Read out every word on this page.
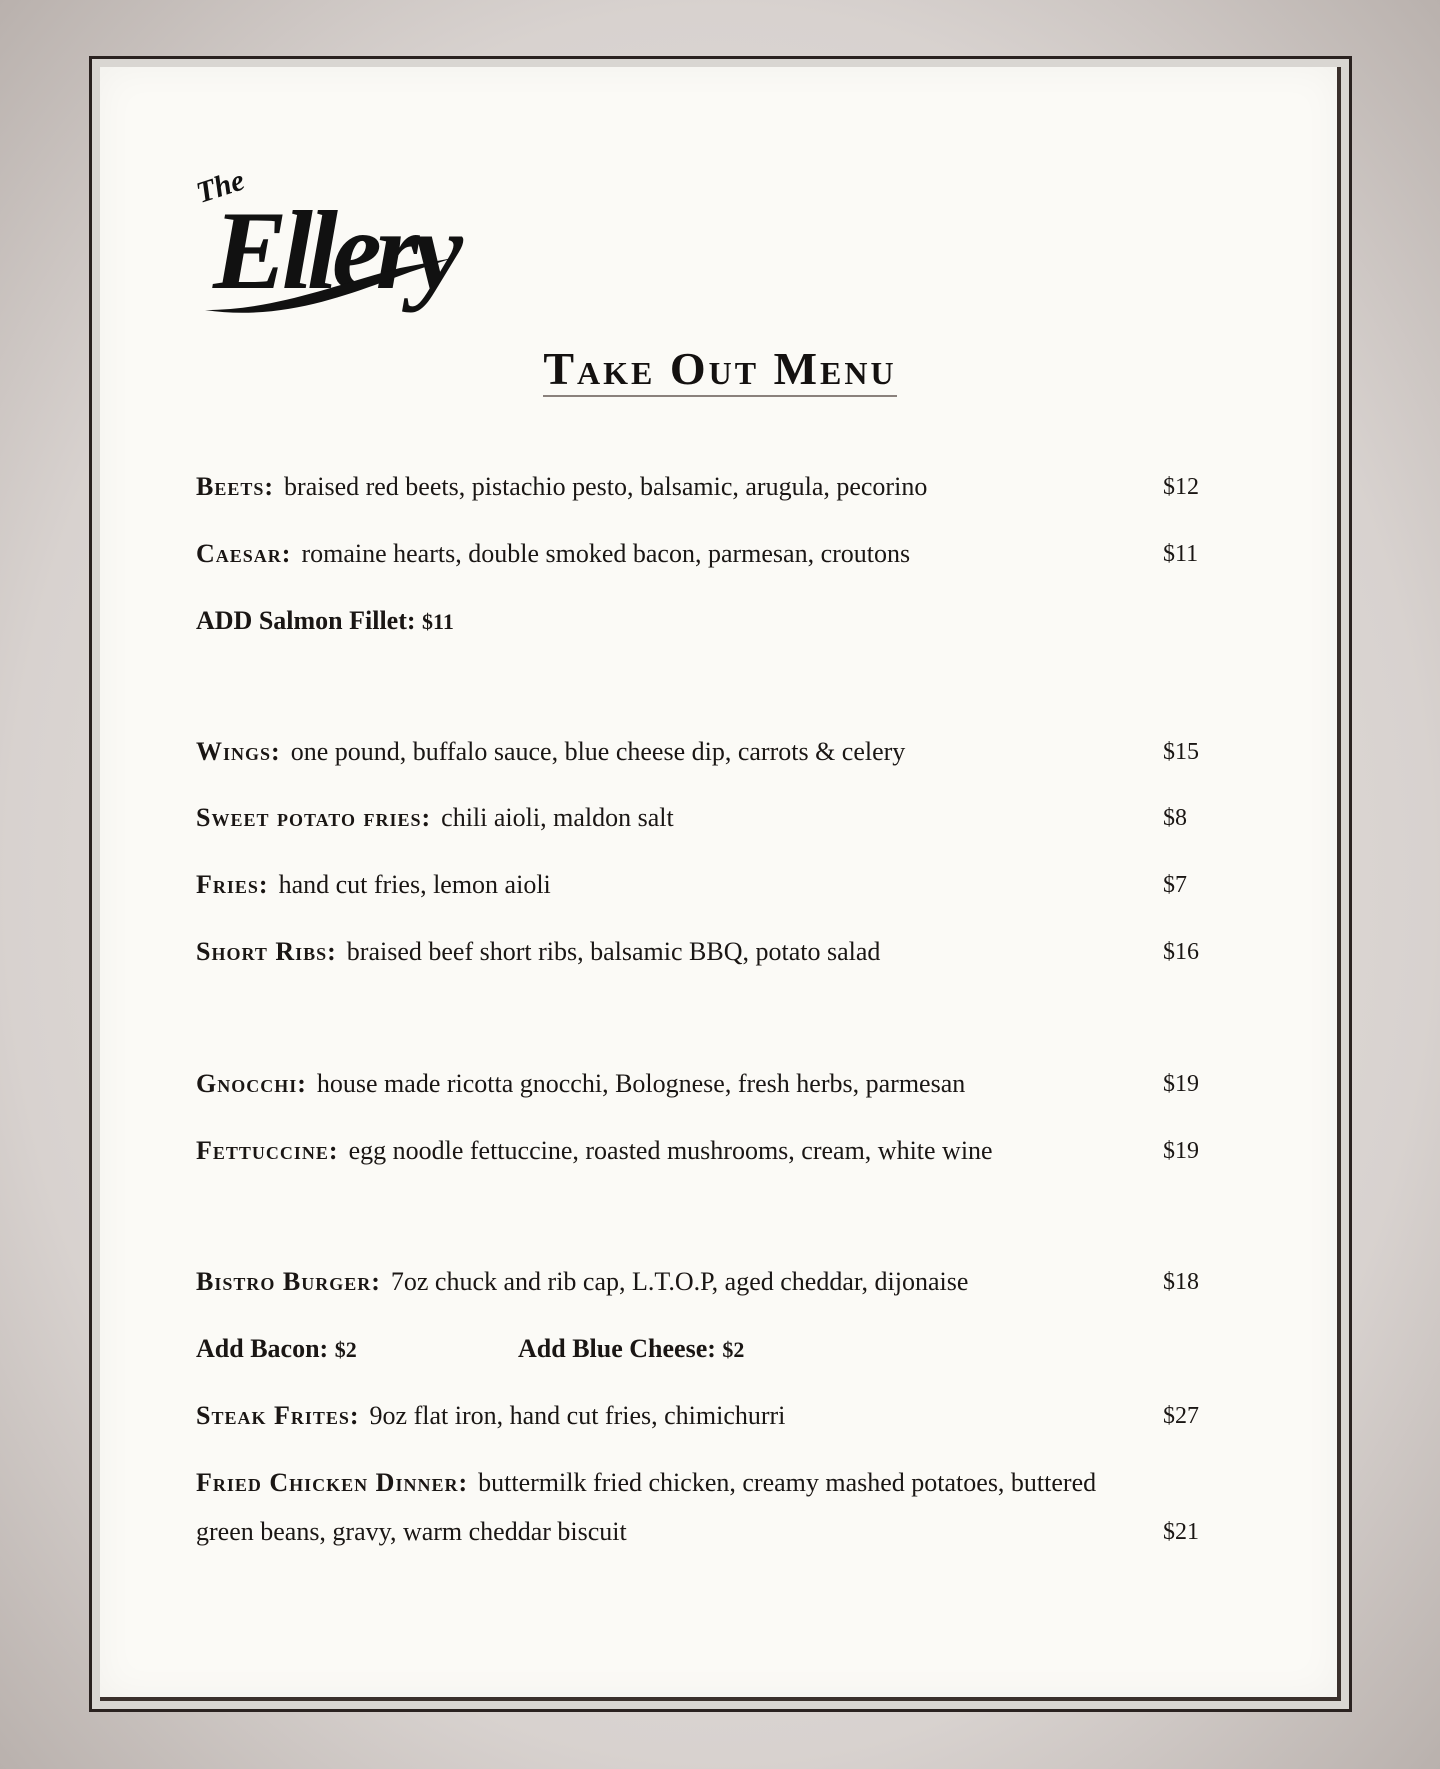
The
Ellery
Take Out Menu
Beets: braised red beets, pistachio pesto, balsamic, arugula, pecorino	$12
Caesar: romaine hearts, double smoked bacon, parmesan, croutons	$11
ADD Salmon Fillet: $11
Wings: one pound, buffalo sauce, blue cheese dip, carrots & celery	$15
Sweet potato fries: chili aioli, maldon salt	$8
Fries: hand cut fries, lemon aioli	$7
Short Ribs: braised beef short ribs, balsamic BBQ, potato salad	$16
Gnocchi: house made ricotta gnocchi, Bolognese, fresh herbs, parmesan	$19
Fettuccine: egg noodle fettuccine, roasted mushrooms, cream, white wine	$19
Bistro Burger: 7oz chuck and rib cap, L.T.O.P, aged cheddar, dijonaise	$18
Add Bacon: $2	Add Blue Cheese: $2
Steak Frites: 9oz flat iron, hand cut fries, chimichurri	$27
Fried Chicken Dinner: buttermilk fried chicken, creamy mashed potatoes, buttered
green beans, gravy, warm cheddar biscuit	$21
